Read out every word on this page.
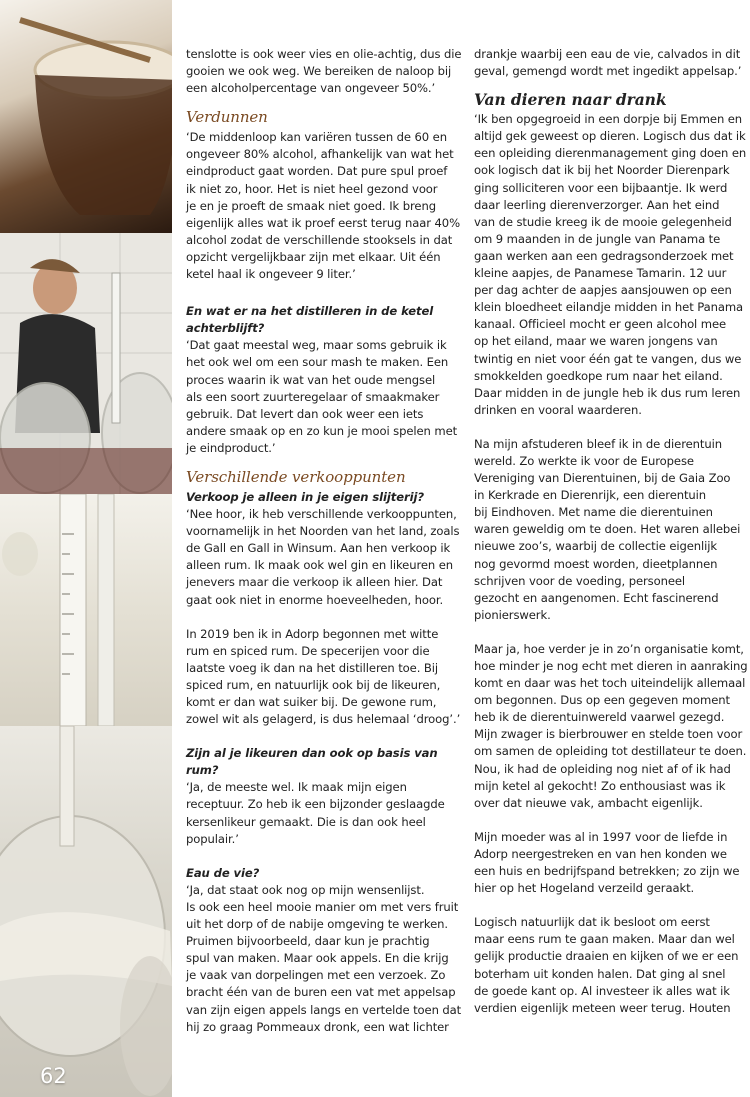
62

tenslotte is ook weer vies en olie-achtig, dus die
gooien we ook weg. We bereiken de naloop bij
een alcoholpercentage van ongeveer 50%.’

Verdunnen

‘De middenloop kan variëren tussen de 60 en
ongeveer 80% alcohol, afhankelijk van wat het
eindproduct gaat worden. Dat pure spul proef
ik niet zo, hoor. Het is niet heel gezond voor
je en je proeft de smaak niet goed. Ik breng
eigenlijk alles wat ik proef eerst terug naar 40%
alcohol zodat de verschillende stooksels in dat
opzicht vergelijkbaar zijn met elkaar. Uit één
ketel haal ik ongeveer 9 liter.’

En wat er na het distilleren in de ketel
achterblijft?

‘Dat gaat meestal weg, maar soms gebruik ik
het ook wel om een sour mash te maken. Een
proces waarin ik wat van het oude mengsel
als een soort zuurteregelaar of smaakmaker
gebruik. Dat levert dan ook weer een iets
andere smaak op en zo kun je mooi spelen met
je eindproduct.’

Verschillende verkooppunten
Verkoop je alleen in je eigen slijterij?

‘Nee hoor, ik heb verschillende verkooppunten,
voornamelijk in het Noorden van het land, zoals
de Gall en Gall in Winsum. Aan hen verkoop ik
alleen rum. Ik maak ook wel gin en likeuren en
jenevers maar die verkoop ik alleen hier. Dat
gaat ook niet in enorme hoeveelheden, hoor.

In 2019 ben ik in Adorp begonnen met witte
rum en spiced rum. De specerijen voor die
laatste voeg ik dan na het distilleren toe. Bij
spiced rum, en natuurlijk ook bij de likeuren,
komt er dan wat suiker bij. De gewone rum,
zowel wit als gelagerd, is dus helemaal ‘droog’.’

Zijn al je likeuren dan ook op basis van rum?

‘Ja, de meeste wel. Ik maak mijn eigen
receptuur. Zo heb ik een bijzonder geslaagde
kersenlikeur gemaakt. Die is dan ook heel
populair.’

Eau de vie?

‘Ja, dat staat ook nog op mijn wensenlijst.
Is ook een heel mooie manier om met vers fruit
uit het dorp of de nabije omgeving te werken.
Pruimen bijvoorbeeld, daar kun je prachtig
spul van maken. Maar ook appels. En die krijg
je vaak van dorpelingen met een verzoek. Zo
bracht één van de buren een vat met appelsap
van zijn eigen appels langs en vertelde toen dat
hij zo graag Pommeaux dronk, een wat lichter

drankje waarbij een eau de vie, calvados in dit
geval, gemengd wordt met ingedikt appelsap.’

Van dieren naar drank

‘Ik ben opgegroeid in een dorpje bij Emmen en
altijd gek geweest op dieren. Logisch dus dat ik
een opleiding dierenmanagement ging doen en
ook logisch dat ik bij het Noorder Dierenpark
ging solliciteren voor een bijbaantje. Ik werd
daar leerling dierenverzorger. Aan het eind
van de studie kreeg ik de mooie gelegenheid
om 9 maanden in de jungle van Panama te
gaan werken aan een gedragsonderzoek met
kleine aapjes, de Panamese Tamarin. 12 uur
per dag achter de aapjes aansjouwen op een
klein bloedheet eilandje midden in het Panama
kanaal. Officieel mocht er geen alcohol mee
op het eiland, maar we waren jongens van
twintig en niet voor één gat te vangen, dus we
smokkelden goedkope rum naar het eiland.
Daar midden in de jungle heb ik dus rum leren
drinken en vooral waarderen.

Na mijn afstuderen bleef ik in de dierentuin
wereld. Zo werkte ik voor de Europese
Vereniging van Dierentuinen, bij de Gaia Zoo
in Kerkrade en Dierenrijk, een dierentuin
bij Eindhoven. Met name die dierentuinen
waren geweldig om te doen. Het waren allebei
nieuwe zoo’s, waarbij de collectie eigenlijk
nog gevormd moest worden, dieetplannen
schrijven voor de voeding, personeel
gezocht en aangenomen. Echt fascinerend
pionierswerk.

Maar ja, hoe verder je in zo’n organisatie komt,
hoe minder je nog echt met dieren in aanraking
komt en daar was het toch uiteindelijk allemaal
om begonnen. Dus op een gegeven moment
heb ik de dierentuinwereld vaarwel gezegd.
Mijn zwager is bierbrouwer en stelde toen voor
om samen de opleiding tot destillateur te doen.
Nou, ik had de opleiding nog niet af of ik had
mijn ketel al gekocht! Zo enthousiast was ik
over dat nieuwe vak, ambacht eigenlijk.

Mijn moeder was al in 1997 voor de liefde in
Adorp neergestreken en van hen konden we
een huis en bedrijfspand betrekken; zo zijn we
hier op het Hogeland verzeild geraakt.

Logisch natuurlijk dat ik besloot om eerst
maar eens rum te gaan maken. Maar dan wel
gelijk productie draaien en kijken of we er een
boterham uit konden halen. Dat ging al snel
de goede kant op. Al investeer ik alles wat ik
verdien eigenlijk meteen weer terug. Houten
